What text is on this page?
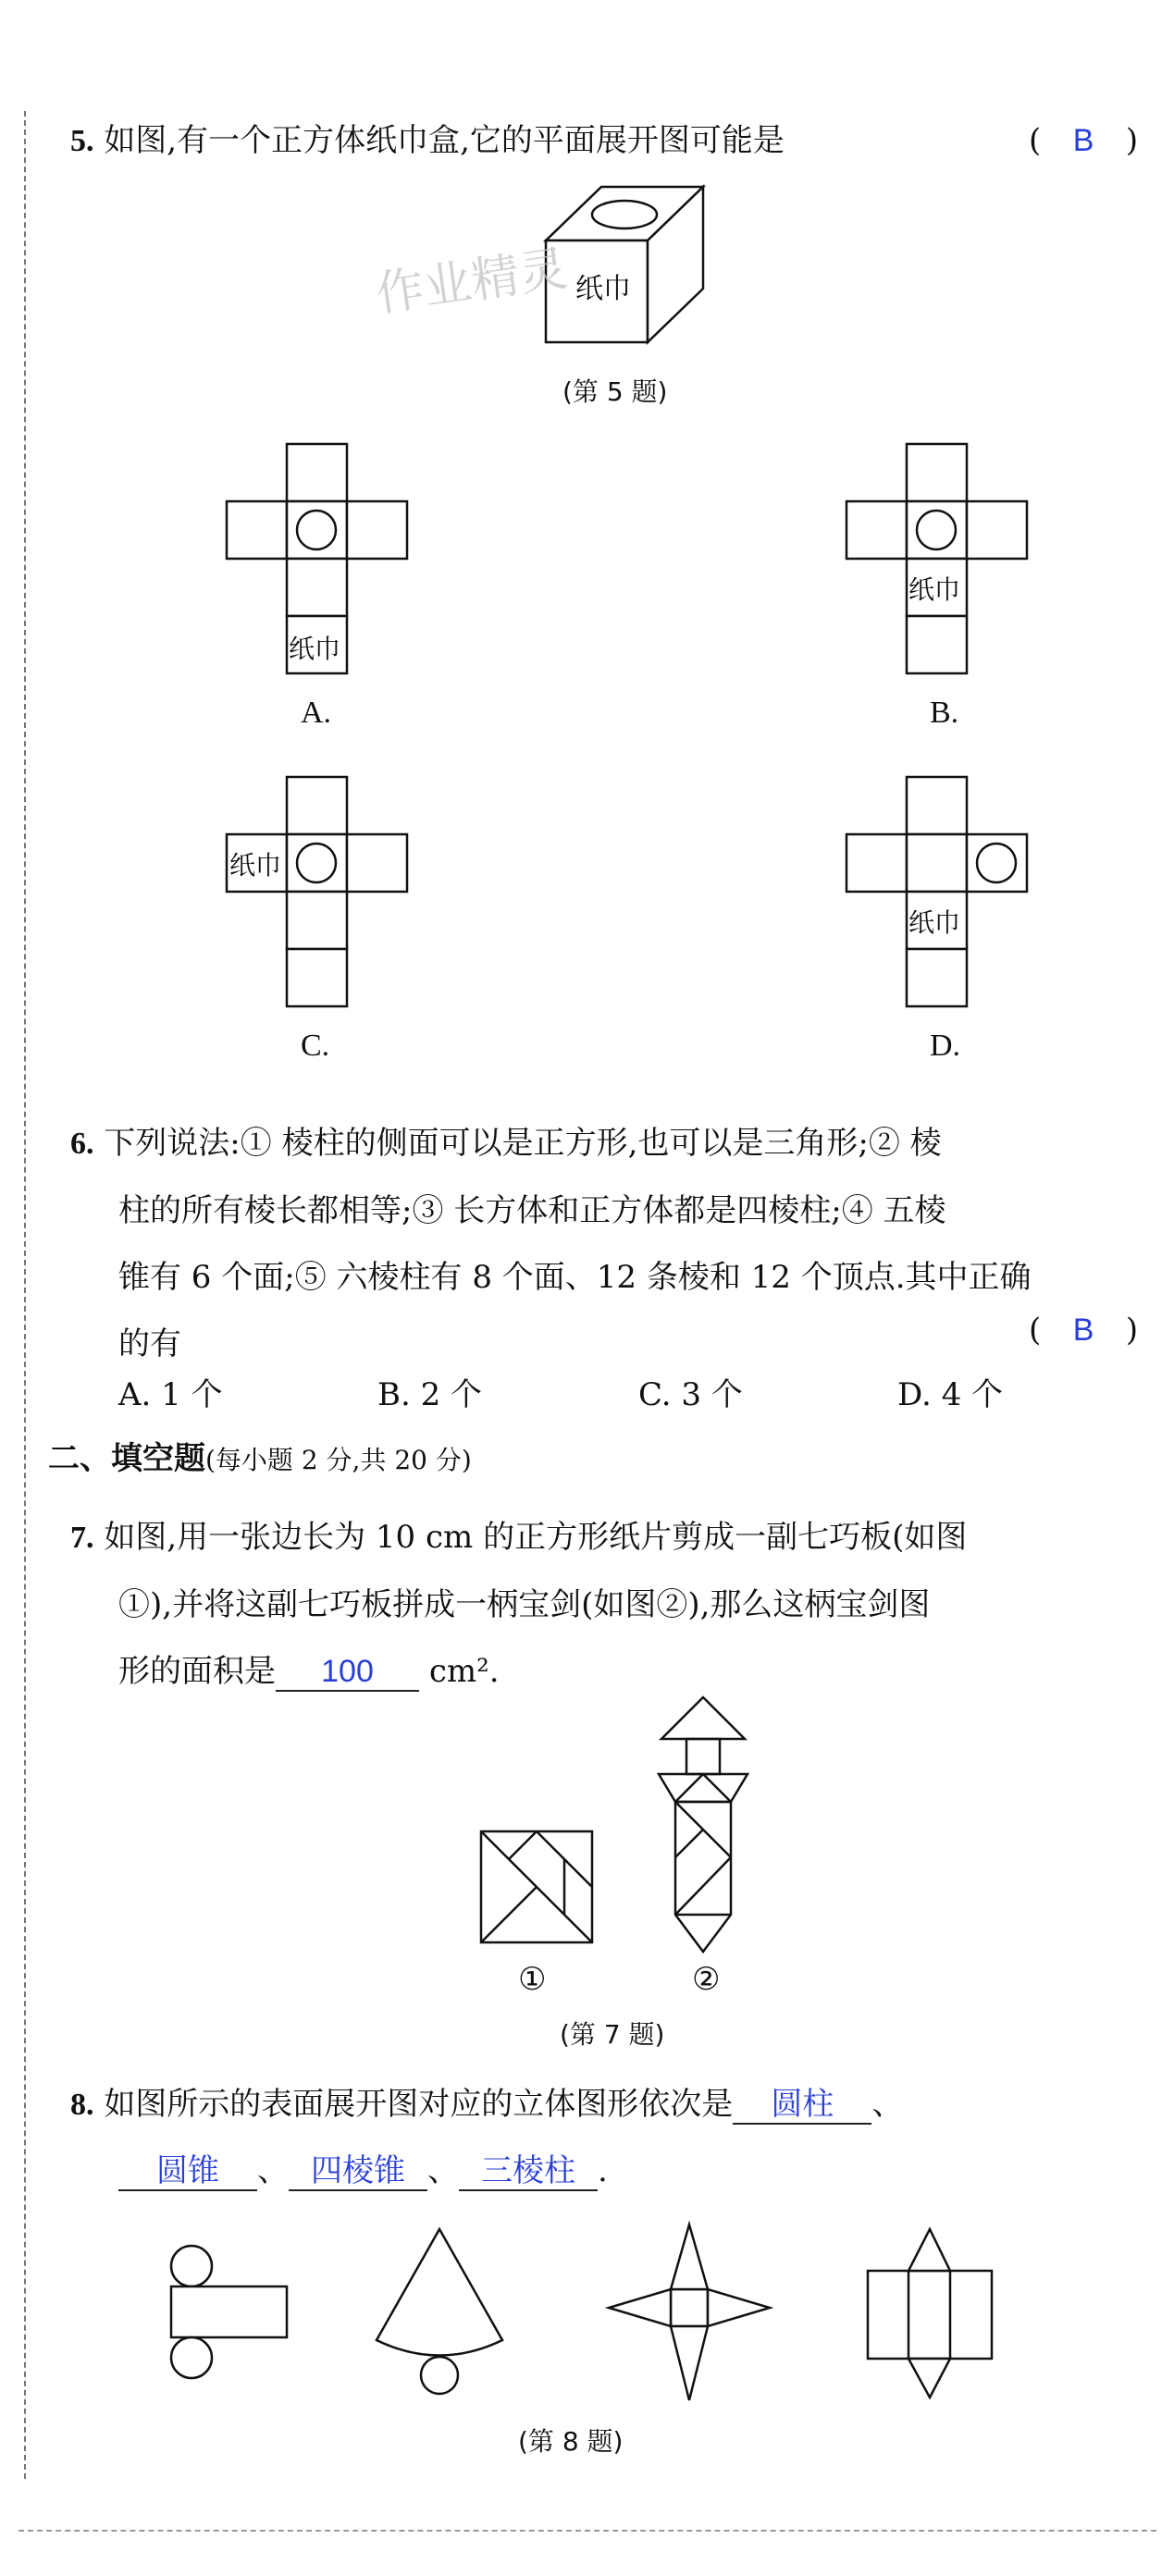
5. 如图,有一个正方体纸巾盒,它的平面展开图可能是	( B )
纸巾
作业精灵
(第 5 题)
纸巾
A.
纸巾
B.
纸巾
C.
纸巾
D.
6. 下列说法:① 棱柱的侧面可以是正方形,也可以是三角形;② 棱
柱的所有棱长都相等;③ 长方体和正方体都是四棱柱;④ 五棱
锥有 6 个面;⑤ 六棱柱有 8 个面、12 条棱和 12 个顶点.其中正确
的有	( B )
A. 1 个	B. 2 个	C. 3 个	D. 4 个
二、填空题(每小题 2 分,共 20 分)
7. 如图,用一张边长为 10 cm 的正方形纸片剪成一副七巧板(如图
①),并将这副七巧板拼成一柄宝剑(如图②),那么这柄宝剑图
形的面积是 100 cm².
①	②
(第 7 题)
8. 如图所示的表面展开图对应的立体图形依次是 圆柱 、
圆锥 、 四棱锥 、 三棱柱 .
(第 8 题)
